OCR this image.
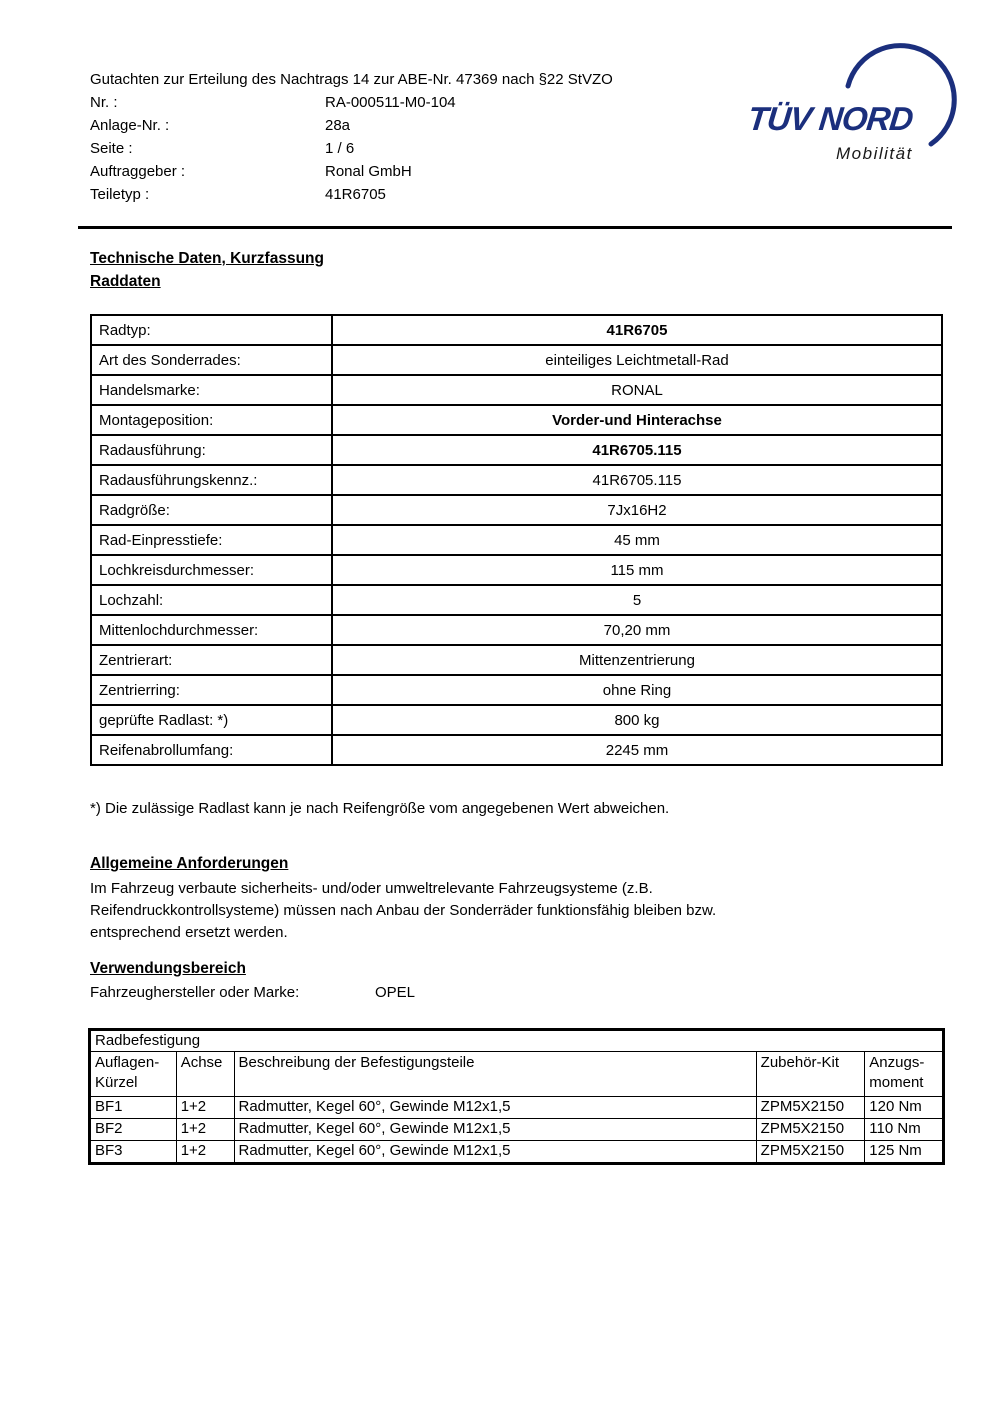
Gutachten zur Erteilung des Nachtrags 14 zur ABE-Nr. 47369 nach §22 StVZO
Nr. :	RA-000511-M0-104
Anlage-Nr. :	28a
Seite :	1 / 6
Auftraggeber :	Ronal GmbH
Teiletyp :	41R6705
TÜV NORD
Mobilität
Technische Daten, Kurzfassung
Raddaten
Radtyp:	41R6705
Art des Sonderrades:	einteiliges Leichtmetall-Rad
Handelsmarke:	RONAL
Montageposition:	Vorder-und Hinterachse
Radausführung:	41R6705.115
Radausführungskennz.:	41R6705.115
Radgröße:	7Jx16H2
Rad-Einpresstiefe:	45 mm
Lochkreisdurchmesser:	115 mm
Lochzahl:	5
Mittenlochdurchmesser:	70,20 mm
Zentrierart:	Mittenzentrierung
Zentrierring:	ohne Ring
geprüfte Radlast: *)	800 kg
Reifenabrollumfang:	2245 mm
*) Die zulässige Radlast kann je nach Reifengröße vom angegebenen Wert abweichen.
Allgemeine Anforderungen
Im Fahrzeug verbaute sicherheits- und/oder umweltrelevante Fahrzeugsysteme (z.B.
Reifendruckkontrollsysteme) müssen nach Anbau der Sonderräder funktionsfähig bleiben bzw.
entsprechend ersetzt werden.
Verwendungsbereich
Fahrzeughersteller oder Marke:	OPEL
Radbefestigung				
Auflagen-Kürzel	Achse	Beschreibung der Befestigungsteile	Zubehör-Kit	Anzugs-moment
BF1	1+2	Radmutter, Kegel 60°, Gewinde M12x1,5	ZPM5X2150	120 Nm
BF2	1+2	Radmutter, Kegel 60°, Gewinde M12x1,5	ZPM5X2150	110 Nm
BF3	1+2	Radmutter, Kegel 60°, Gewinde M12x1,5	ZPM5X2150	125 Nm
